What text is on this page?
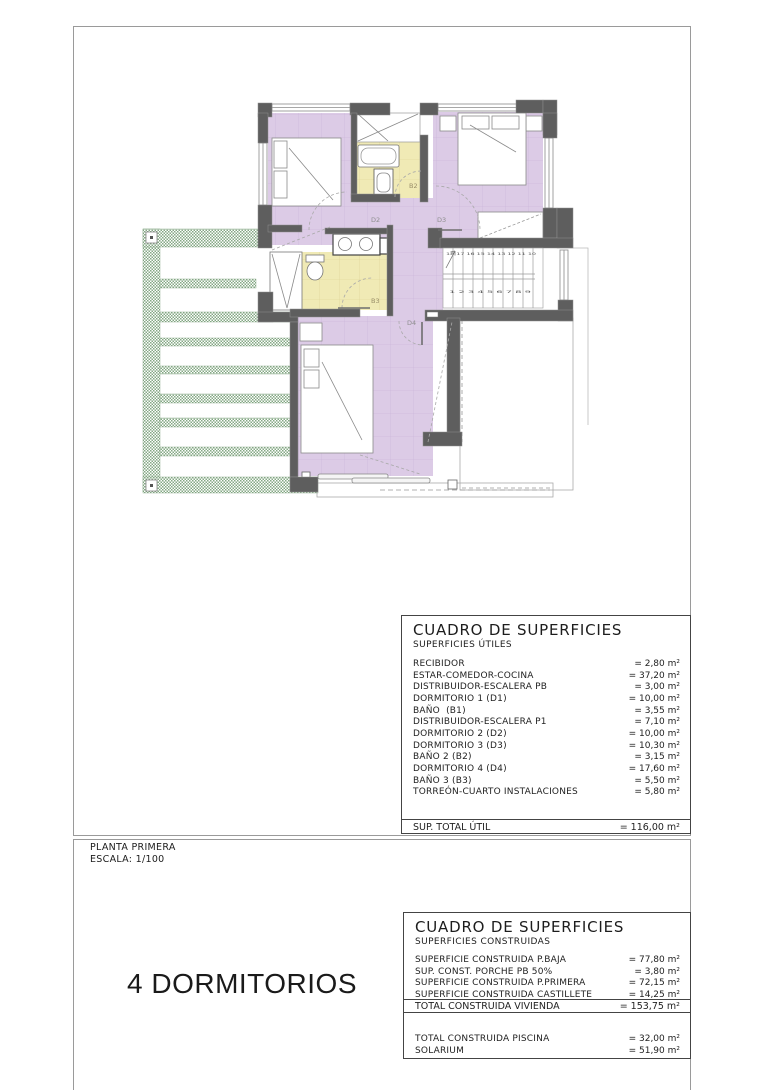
18 17 16 15 14 13 12 11 10
1 2 3 4 5 6 7 8 9
D2	D3
D4
B2
B3
PLANTA PRIMERA
ESCALA: 1/100
4 DORMITORIOS
CUADRO DE SUPERFICIES
SUPERFICIES ÚTILES
RECIBIDOR	= 2,80 m²
ESTAR-COMEDOR-COCINA	= 37,20 m²
DISTRIBUIDOR-ESCALERA PB	= 3,00 m²
DORMITORIO 1 (D1)	= 10,00 m²
BAÑO  (B1)	= 3,55 m²
DISTRIBUIDOR-ESCALERA P1	= 7,10 m²
DORMITORIO 2 (D2)	= 10,00 m²
DORMITORIO 3 (D3)	= 10,30 m²
BAÑO 2 (B2)	= 3,15 m²
DORMITORIO 4 (D4)	= 17,60 m²
BAÑO 3 (B3)	= 5,50 m²
TORREÓN-CUARTO INSTALACIONES	= 5,80 m²
SUP. TOTAL ÚTIL	= 116,00 m²
CUADRO DE SUPERFICIES
SUPERFICIES CONSTRUIDAS
SUPERFICIE CONSTRUIDA P.BAJA	= 77,80 m²
SUP. CONST. PORCHE PB 50%	= 3,80 m²
SUPERFICIE CONSTRUIDA P.PRIMERA	= 72,15 m²
SUPERFICIE CONSTRUIDA CASTILLETE	= 14,25 m²
TOTAL CONSTRUIDA VIVIENDA	= 153,75 m²
TOTAL CONSTRUIDA PISCINA	= 32,00 m²
SOLARIUM	= 51,90 m²
